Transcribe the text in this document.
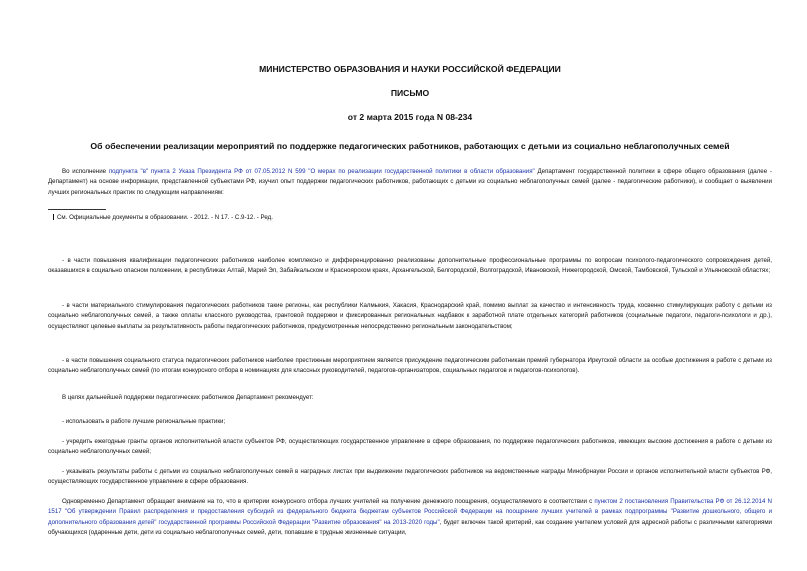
МИНИСТЕРСТВО ОБРАЗОВАНИЯ И НАУКИ РОССИЙСКОЙ ФЕДЕРАЦИИ
ПИСЬМО
от 2 марта 2015 года N 08-234
Об обеспечении реализации мероприятий по поддержке педагогических работников, работающих с детьми из социально неблагополучных семей

Во исполнение подпункта "в" пункта 2 Указа Президента РФ от 07.05.2012 N 599 "О мерах по реализации государственной политики в области образования" Департамент государственной политики в сфере общего образования (далее - Департамент) на основе информации, представленной субъектами РФ, изучил опыт поддержки педагогических работников, работающих с детьми из социально неблагополучных семей (далее - педагогические работники), и сообщает о выявлении лучших региональных практик по следующим направлениям:

См. Официальные документы в образовании. - 2012. - N 17. - С.9-12. - Ред.

- в части повышения квалификации педагогических работников наиболее комплексно и дифференцированно реализованы дополнительные профессиональные программы по вопросам психолого-педагогического сопровождения детей, оказавшихся в социально опасном положении, в республиках Алтай, Марий Эл, Забайкальском и Красноярском краях, Архангельской, Белгородской, Волгоградской, Ивановской, Нижегородской, Омской, Тамбовской, Тульской и Ульяновской областях;

- в части материального стимулирования педагогических работников такие регионы, как республики Калмыкия, Хакасия, Краснодарский край, помимо выплат за качество и интенсивность труда, косвенно стимулирующих работу с детьми из социально неблагополучных семей, а также оплаты классного руководства, грантовой поддержки и фиксированных региональных надбавок к заработной плате отдельных категорий работников (социальные педагоги, педагоги-психологи и др.), осуществляют целевые выплаты за результативность работы педагогических работников, предусмотренные непосредственно региональным законодательством;

- в части повышения социального статуса педагогических работников наиболее престижным мероприятием является присуждение педагогическим работникам премий губернатора Иркутской области за особые достижения в работе с детьми из социально неблагополучных семей (по итогам конкурсного отбора в номинациях для классных руководителей, педагогов-организаторов, социальных педагогов и педагогов-психологов).

В целях дальнейшей поддержки педагогических работников Департамент рекомендует:

- использовать в работе лучшие региональные практики;

- учредить ежегодные гранты органов исполнительной власти субъектов РФ, осуществляющих государственное управление в сфере образования, по поддержке педагогических работников, имеющих высокие достижения в работе с детьми из социально неблагополучных семей;

- указывать результаты работы с детьми из социально неблагополучных семей в наградных листах при выдвижении педагогических работников на ведомственные награды Минобрнауки России и органов исполнительной власти субъектов РФ, осуществляющих государственное управление в сфере образования.

Одновременно Департамент обращает внимание на то, что в критерии конкурсного отбора лучших учителей на получение денежного поощрения, осуществляемого в соответствии с пунктом 2 постановления Правительства РФ от 26.12.2014 N 1517 "Об утверждении Правил распределения и предоставления субсидий из федерального бюджета бюджетам субъектов Российской Федерации на поощрение лучших учителей в рамках подпрограммы "Развитие дошкольного, общего и дополнительного образования детей" государственной программы Российской Федерации "Развитие образования" на 2013-2020 годы", будет включен такой критерий, как создание учителем условий для адресной работы с различными категориями обучающихся (одаренные дети, дети из социально неблагополучных семей, дети, попавшие в трудные жизненные ситуации,
